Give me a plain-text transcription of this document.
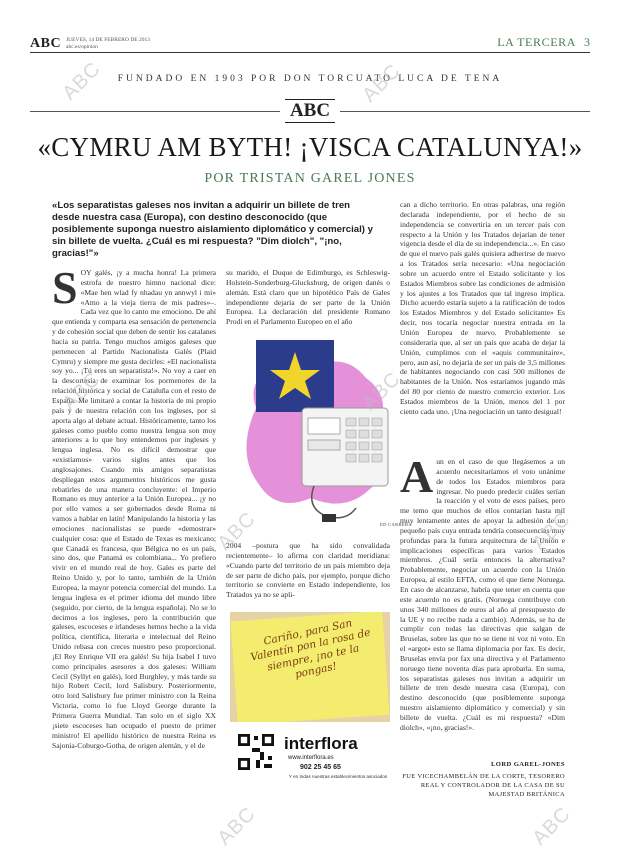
ABC JUEVES, 14 DE FEBRERO DE 2013
abc.es/opinion	LA TERCERA 3
FUNDADO EN 1903 POR DON TORCUATO LUCA DE TENA
ABC
«CYMRU AM BYTH! ¡VISCA CATALUNYA!»
POR TRISTAN GAREL JONES
«Los separatistas galeses nos invitan a adquirir un billete de tren desde nuestra casa (Europa), con destino desconocido (que posiblemente suponga nuestro aislamiento diplomático y comercial) y sin billete de vuelta. ¿Cuál es mi respuesta? "Dim diolch", "¡no, gracias!"»
S OY galés, ¡y a mucha honra! La primera estrofa de nuestro himno nacional dice: «Mae hen wlad fy nhadau yn annwyl i mi» «Amo a la vieja tierra de mis padres»–. Cada vez que lo canto me emociono. De ahí que entienda y comparta esa sensación de pertenencia y de cohesión social que deben de sentir los catalanes hacia su patria. Tengo muchos amigos galeses que pertenecen al Partido Nacionalista Galés (Plaid Cymru) y siempre me gusta decirles: «El nacionalista soy yo... ¡Tú eres un separatista!». No voy a caer en la descortesía de examinar los pormenores de la relación histórica y social de Cataluña con el resto de España. Me limitaré a contar la historia de mi propio país y de nuestra relación con los ingleses, por si aporta algo al debate actual. Históricamente, tanto los galeses como pueblo como nuestra lengua son muy anteriores a lo que hoy entendemos por ingleses y lengua inglesa. No es difícil demostrar que «existíamos» varios siglos antes que los anglosajones. Cuando mis amigos separatistas despliegan estos argumentos históricos me gusta rebatirles de una manera concluyente: el Imperio Romano es muy anterior a la Unión Europea... ¡y no por ello vamos a ser gobernados desde Roma ni vamos a hablar en latín! Manipulando la historia y las emociones nacionalistas se puede «demostrar» cualquier cosa: que el Estado de Texas es mexicano; que Canadá es francesa, que Bélgica no es un país, sino dos, que Panamá es colombiana... Yo prefiero vivir en el mundo real de hoy. Gales es parte del Reino Unido y, por lo tanto, también de la Unión Europea, la mayor potencia comercial del mundo. La lengua inglesa es el primer idioma del mundo libre (seguido, por cierto, de la lengua española). No se lo decimos a los ingleses, pero la contribución que galeses, escoceses e irlandeses hemos hecho a la vida política, científica, literaria e intelectual del Reino Unido rebasa con creces nuestro peso proporcional. ¡El Rey Enrique VII era galés! Su hija Isabel I tuvo como principales asesores a dos galeses: William Cecil (Syllyt en galés), lord Burghley, y más tarde su hijo Robert Cecil, lord Salisbury. Posteriormente, otro lord Salisbury fue primer ministro con la Reina Victoria, como lo fue Lloyd George durante la Primera Guerra Mundial. Tan solo en el siglo XX ¡siete escoceses han ocupado el puesto de primer ministro! El apellido histórico de nuestra Reina es Sajonia-Coburgo-Gotha, de origen alemán, y el de
su marido, el Duque de Edimburgo, es Schleswig-Holstein-Sonderburg-Glucksburg, de origen danés o alemán. Está claro que un hipotético País de Gales independiente dejaría de ser parte de la Unión Europea. La declaración del presidente Romano Prodi en el Parlamento Europeo en el año
ED CARRERA
2004 –postura que ha sido convalidada recientemente– lo afirma con claridad meridiana: «Cuando parte del territorio de un país miembro deja de ser parte de dicho país, por ejemplo, porque dicho territorio se convierte en Estado independiente, los Tratados ya no se apli-
Cariño, para San Valentín pon la rosa de siempre, ¡no te la pongas!
interflora
www.interflora.es
902 25 45 65
Y en todas nuestras establecimientos asociados
can a dicho territorio. En otras palabras, una región declarada independiente, por el hecho de su independencia se convertiría en un tercer país con respecto a la Unión y los Tratados dejarían de tener vigencia desde el día de su independencia...». En caso de que el nuevo país galés quisiera adherirse de nuevo a los Tratados sería necesario: «Una negociación sobre un acuerdo entre el Estado solicitante y los Estados Miembros sobre las condiciones de admisión y los ajustes a los Tratados que tal ingreso implica. Dicho acuerdo estaría sujeto a la ratificación de todos los Estados Miembros y del Estado solicitante» Es decir, nos tocaría negociar nuestra entrada en la Unión Europea de nuevo. Probablemente se consideraría que, al ser un país que acaba de dejar la Unión, cumplimos con el «aquis communitaire», pero, aun así, no dejaría de ser un país de 3,5 millones de habitantes negociando con casi 500 millones de habitantes de la Unión. Nos estaríamos jugando más del 80 por ciento de nuestro comercio exterior. Los Estados miembros de la Unión, menos del 1 por ciento cada uno. ¡Una negociación un tanto desigual!
A un en el caso de que llegásemos a un acuerdo necesitaríamos el voto unánime de todos los Estados miembros para ingresar. No puedo predecir cuáles serían la reacción y el voto de esos países, pero me temo que muchos de ellos contarían hasta mil muy lentamente antes de apoyar la adhesión de un pequeño país cuya entrada tendría consecuencias muy profundas para la futura arquitectura de la Unión e implicaciones específicas para varios Estados miembros. ¿Cuál sería entonces la alternativa? Probablemente, negociar un acuerdo con la Unión Europea, al estilo EFTA, como el que tiene Noruega. En caso de alcanzarse, habría que tener en cuenta que este acuerdo no es gratis. (Noruega contribuye con unos 340 millones de euros al año al presupuesto de la UE y no recibe nada a cambio). Además, se ha de cumplir con todas las directivas que salgan de Bruselas, sobre las que no se tiene ni voz ni voto. En el «argot» esto se llama diplomacia por fax. Es decir, Bruselas envía por fax una directiva y el Parlamento noruego tiene noventa días para aprobarla. En suma, los separatistas galeses nos invitan a adquirir un billete de tren desde nuestra casa (Europa), con destino desconocido (que posiblemente suponga nuestro aislamiento diplomático y comercial) y sin billete de vuelta. ¿Cuál es mi respuesta? «Dim diolch», «¡no, gracias!».
LORD GAREL-JONES
FUE VICECHAMBELÁN DE LA CORTE, TESORERO REAL Y CONTROLADOR DE LA CASA DE SU MAJESTAD BRITÁNICA
ABC	ABC
ABC
ABC
ABC	ABC
ABC	ABC
